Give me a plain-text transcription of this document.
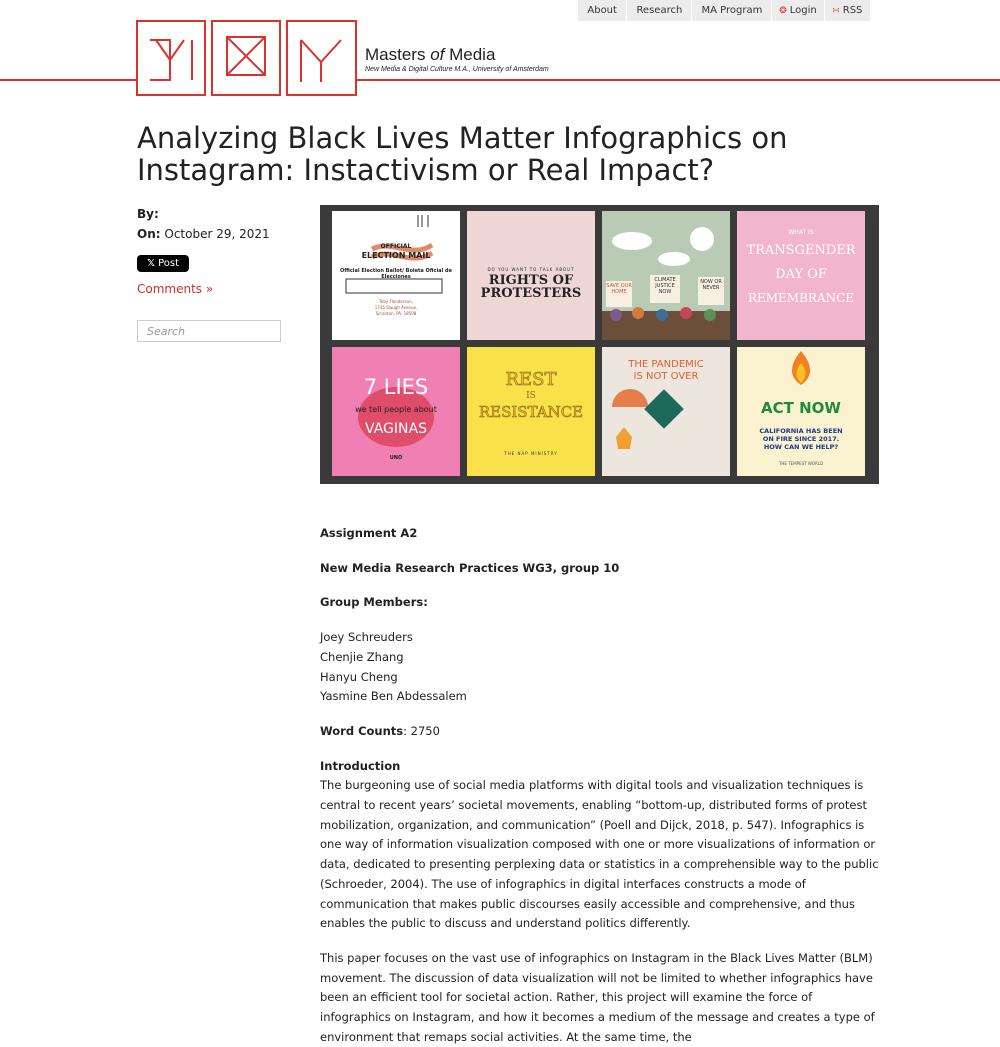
About Research MA Program ❂ Login ∺ RSS
Masters of Media
New Media & Digital Culture M.A., University of Amsterdam
Analyzing Black Lives Matter Infographics on Instagram: Instactivism or Real Impact?
By:
On: October 29, 2021
𝕏 Post
Comments »
Search
OFFICIAL
ELECTION MAIL
Official Election Ballot/ Boleta Oficial de Elecciones
Toby Flanderson,
1735 Slough Avenue,
Scranton, PA, 18508
DO YOU WANT TO TALK ABOUT
RIGHTS OF
PROTESTERS	SAVE OUR HOME
CLIMATE JUSTICE NOW
NOW OR NEVER
WHAT IS
TRANSGENDER
DAY OF
REMEMBRANCE
7 LIES
we tell people about
VAGINAS
UNO
REST
IS
RESISTANCE
THE NAP MINISTRY
THE PANDEMIC
IS NOT OVER
ACT NOW
CALIFORNIA HAS BEEN
ON FIRE SINCE 2017.
HOW CAN WE HELP?
THE TEMPEST WORLD

Assignment A2

New Media Research Practices WG3, group 10

Group Members:

Joey Schreuders

Chenjie Zhang

Hanyu Cheng

Yasmine Ben Abdessalem

Word Counts: 2750

Introduction

The burgeoning use of social media platforms with digital tools and visualization techniques is central to recent years’ societal movements, enabling “bottom-up, distributed forms of protest mobilization, organization, and communication” (Poell and Dijck, 2018, p. 547). Infographics is one way of information visualization composed with one or more visualizations of information or data, dedicated to presenting perplexing data or statistics in a comprehensible way to the public (Schroeder, 2004). The use of infographics in digital interfaces constructs a mode of communication that makes public discourses easily accessible and comprehensive, and thus enables the public to discuss and understand politics differently.

This paper focuses on the vast use of infographics on Instagram in the Black Lives Matter (BLM) movement. The discussion of data visualization will not be limited to whether infographics have been an efficient tool for societal action. Rather, this project will examine the force of infographics on Instagram, and how it becomes a medium of the message and creates a type of environment that remaps social activities. At the same time, the
